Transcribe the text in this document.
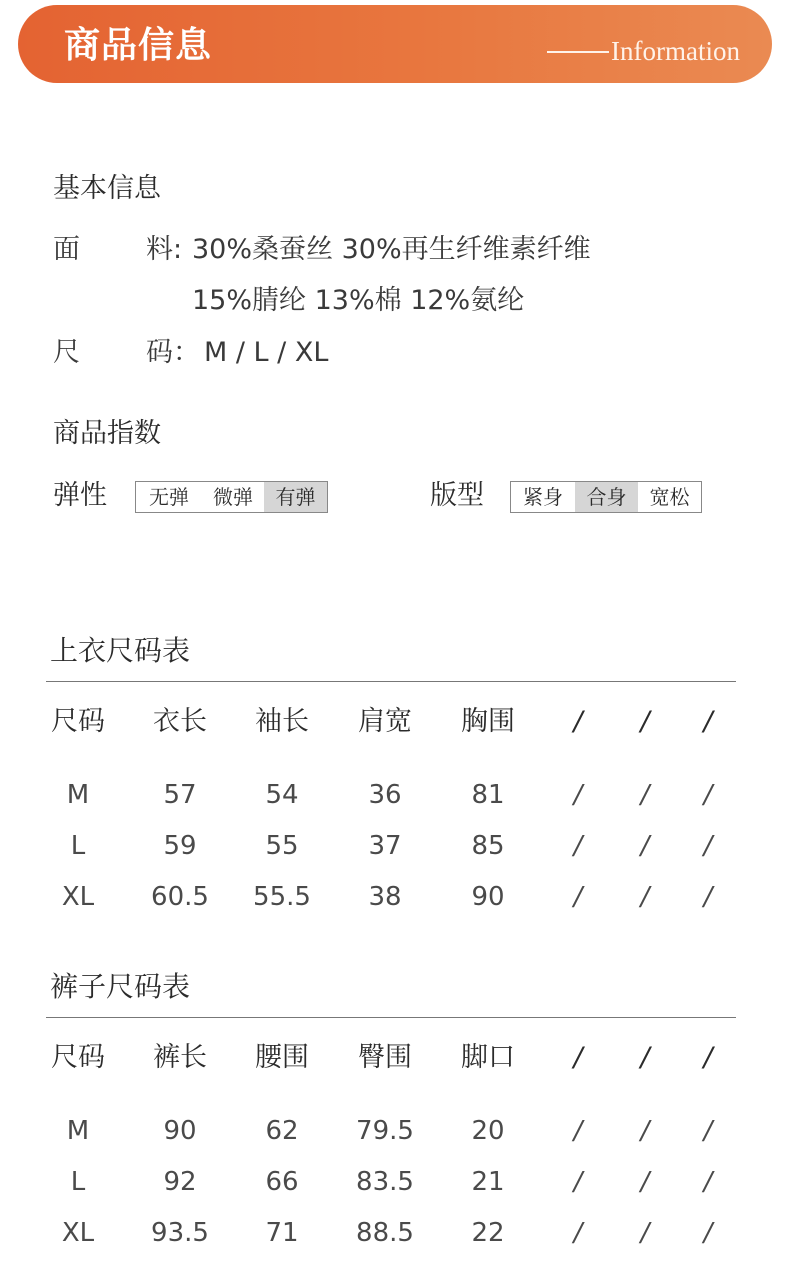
商品信息	Information
基本信息
面 料: 30%桑蚕丝 30%再生纤维素纤维
15%腈纶 13%棉 12%氨纶
尺 码： M / L / XL
商品指数
弹性	无弹	微弹	有弹	版型	紧身	合身	宽松
上衣尺码表
尺码	衣长	袖长	肩宽	胸围	/	/	/
M	57	54	36	81	/	/	/
L	59	55	37	85	/	/	/
XL	60.5	55.5	38	90	/	/	/
裤子尺码表
尺码	裤长	腰围	臀围	脚口	/	/	/
M	90	62	79.5	20	/	/	/
L	92	66	83.5	21	/	/	/
XL	93.5	71	88.5	22	/	/	/
